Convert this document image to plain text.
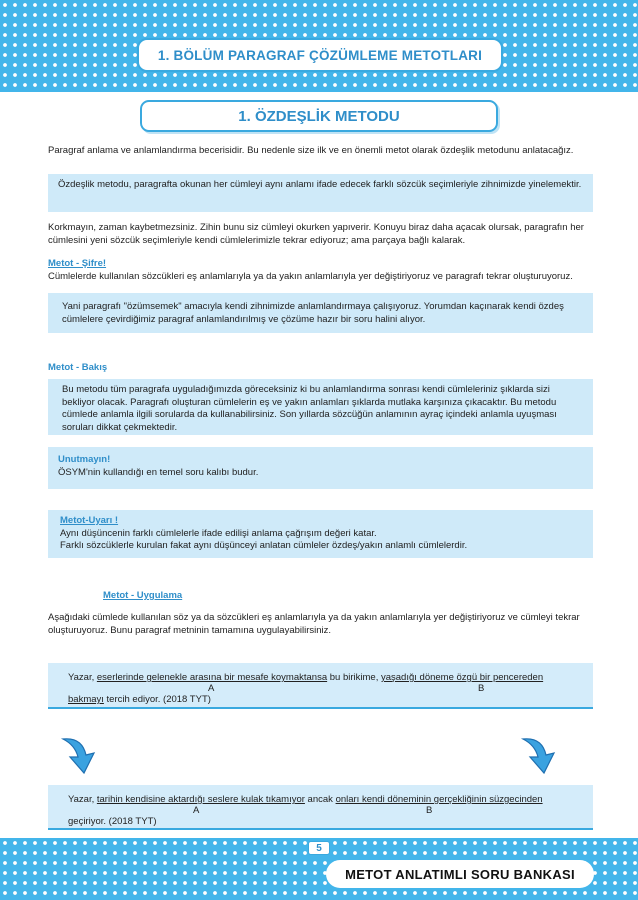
1. BÖLÜM PARAGRAF ÇÖZÜMLEME METOTLARI
1. ÖZDEŞLİK METODU

Paragraf anlama ve anlamlandırma becerisidir. Bu nedenle size ilk ve en önemli metot olarak özdeşlik metodunu anlatacağız.

Özdeşlik metodu, paragrafta okunan her cümleyi aynı anlamı ifade edecek farklı sözcük seçimleriyle zihnimizde yinelemektir.

Korkmayın, zaman kaybetmezsiniz. Zihin bunu siz cümleyi okurken yapıverir. Konuyu biraz daha açacak olursak, paragrafın her cümlesini yeni sözcük seçimleriyle kendi cümlelerimizle tekrar ediyoruz; ama parçaya bağlı kalarak.

Metot - Şifre!
Cümlelerde kullanılan sözcükleri eş anlamlarıyla ya da yakın anlamlarıyla yer değiştiriyoruz ve paragrafı tekrar oluşturuyoruz.
Yani paragrafı "özümsemek" amacıyla kendi zihnimizde anlamlandırmaya çalışıyoruz. Yorumdan kaçınarak kendi özdeş cümlelere çevirdiğimiz paragraf anlamlandırılmış ve çözüme hazır bir soru halini alıyor.
Metot - Bakış
Bu metodu tüm paragrafa uyguladığımızda göreceksiniz ki bu anlamlandırma sonrası kendi cümleleriniz şıklarda sizi bekliyor olacak. Paragrafı oluşturan cümlelerin eş ve yakın anlamları şıklarda mutlaka karşınıza çıkacaktır. Bu metodu cümlede anlamla ilgili sorularda da kullanabilirsiniz. Son yıllarda sözcüğün anlamının ayraç içindeki anlamla uyuşması soruları dikkat çekmektedir.
Unutmayın!
ÖSYM'nin kullandığı en temel soru kalıbı budur.
Metot-Uyarı !
Aynı düşüncenin farklı cümlelerle ifade edilişi anlama çağrışım değeri katar.
Farklı sözcüklerle kurulan fakat aynı düşünceyi anlatan cümleler özdeş/yakın anlamlı cümlelerdir.
Metot - Uygulama

Aşağıdaki cümlede kullanılan söz ya da sözcükleri eş anlamlarıyla ya da yakın anlamlarıyla yer değiştiriyoruz ve cümleyi tekrar oluşturuyoruz. Bunu paragraf metninin tamamına uygulayabilirsiniz.

Yazar, eserlerinde gelenekle arasına bir mesafe koymaktansa bu birikime, yaşadığı döneme özgü bir pencereden
A	B
bakmayı tercih ediyor. (2018 TYT)
Yazar, tarihin kendisine aktardığı seslere kulak tıkamıyor ancak onları kendi döneminin gerçekliğinin süzgecinden
A	B
geçiriyor. (2018 TYT)
5
METOT ANLATIMLI SORU BANKASI
